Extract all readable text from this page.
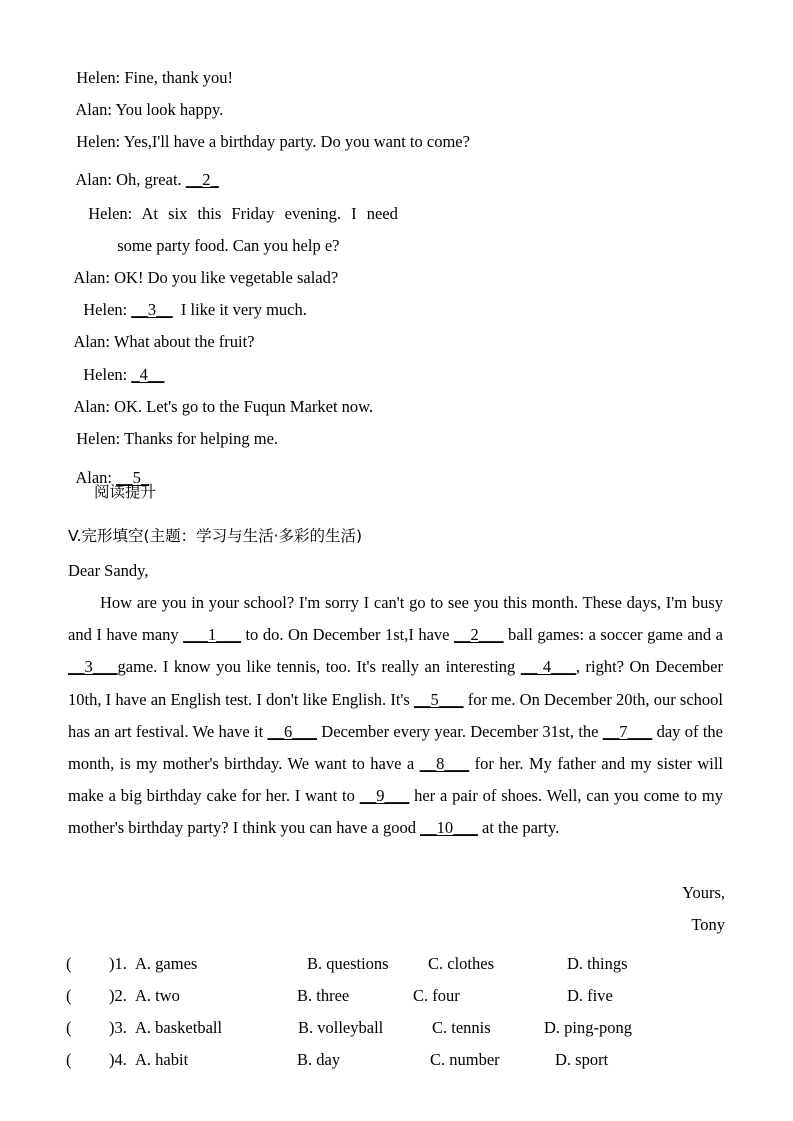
Helen: Fine, thank you!

Alan: You look happy.

Helen: Yes,I'll have a birthday party. Do you want to come?

Alan: Oh, great. __2_

Helen: At six this Friday evening. I need

some party food. Can you help e?

Alan: OK! Do you like vegetable salad?

Helen: __3__ I like it very much.

Alan: What about the fruit?

Helen: _4__

Alan: OK. Let's go to the Fuqun Market now.

Helen: Thanks for helping me.

Alan: __5_

阅读提升
V.完形填空(主题：学习与生活·多彩的生活)
Dear Sandy,
How are you in your school? I'm sorry I can't go to see you this month. These days, I'm busy and I have many ___1___ to do. On December 1st,I have __2___ ball games: a soccer game and a __3___game. I know you like tennis, too. It's really an interesting __ 4___, right? On December 10th, I have an English test. I don't like English. It's __5___ for me. On December 20th, our school has an art festival. We have it __6___ December every year. December 31st, the __7___ day of the month, is my mother's birthday. We want to have a __8___ for her. My father and my sister will make a big birthday cake for her. I want to __9___ her a pair of shoes. Well, can you come to my mother's birthday party? I think you can have a good __10___ at the party.
Yours,
Tony
( )1. A. games	B. questions C. clothes	D. things
( )2. A. two	B. three	C. four	D. five
( )3. A. basketball	B. volleyball	C. tennis	D. ping-pong
( )4. A. habit	B. day	C. number	D. sport
